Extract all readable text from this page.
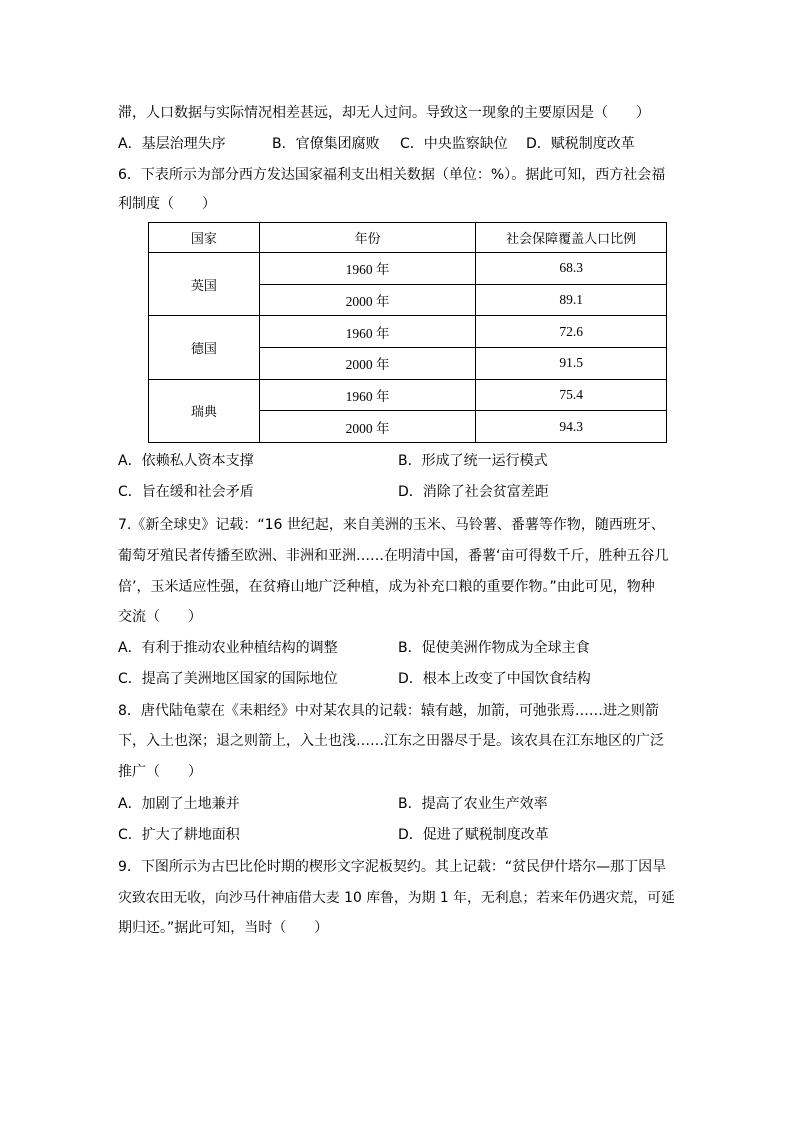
滞，人口数据与实际情况相差甚远，却无人过问。导致这一现象的主要原因是（　　）
A．基层治理失序	B．官僚集团腐败 C．中央监察缺位 D．赋税制度改革
6．下表所示为部分西方发达国家福利支出相关数据（单位：%）。据此可知，西方社会福
利制度（　　）
国家	年份	社会保障覆盖人口比例
英国	1960 年	68.3
	2000 年	89.1
德国	1960 年	72.6
	2000 年	91.5
瑞典	1960 年	75.4
	2000 年	94.3
A．依赖私人资本支撑	B．形成了统一运行模式
C．旨在缓和社会矛盾	D．消除了社会贫富差距
7.《新全球史》记载：“16 世纪起，来自美洲的玉米、马铃薯、番薯等作物，随西班牙、
葡萄牙殖民者传播至欧洲、非洲和亚洲……在明清中国，番薯‘亩可得数千斤，胜种五谷几
倍’，玉米适应性强，在贫瘠山地广泛种植，成为补充口粮的重要作物。”由此可见，物种
交流（　　）
A．有利于推动农业种植结构的调整	B．促使美洲作物成为全球主食
C．提高了美洲地区国家的国际地位	D．根本上改变了中国饮食结构
8．唐代陆龟蒙在《耒耜经》中对某农具的记载：辕有越，加箭，可弛张焉……进之则箭
下，入土也深；退之则箭上，入土也浅……江东之田器尽于是。该农具在江东地区的广泛
推广（　　）
A．加剧了土地兼并	B．提高了农业生产效率
C．扩大了耕地面积	D．促进了赋税制度改革
9．下图所示为古巴比伦时期的楔形文字泥板契约。其上记载：“贫民伊什塔尔—那丁因旱
灾致农田无收，向沙马什神庙借大麦 10 库鲁，为期 1 年，无利息；若来年仍遇灾荒，可延
期归还。”据此可知，当时（　　）
